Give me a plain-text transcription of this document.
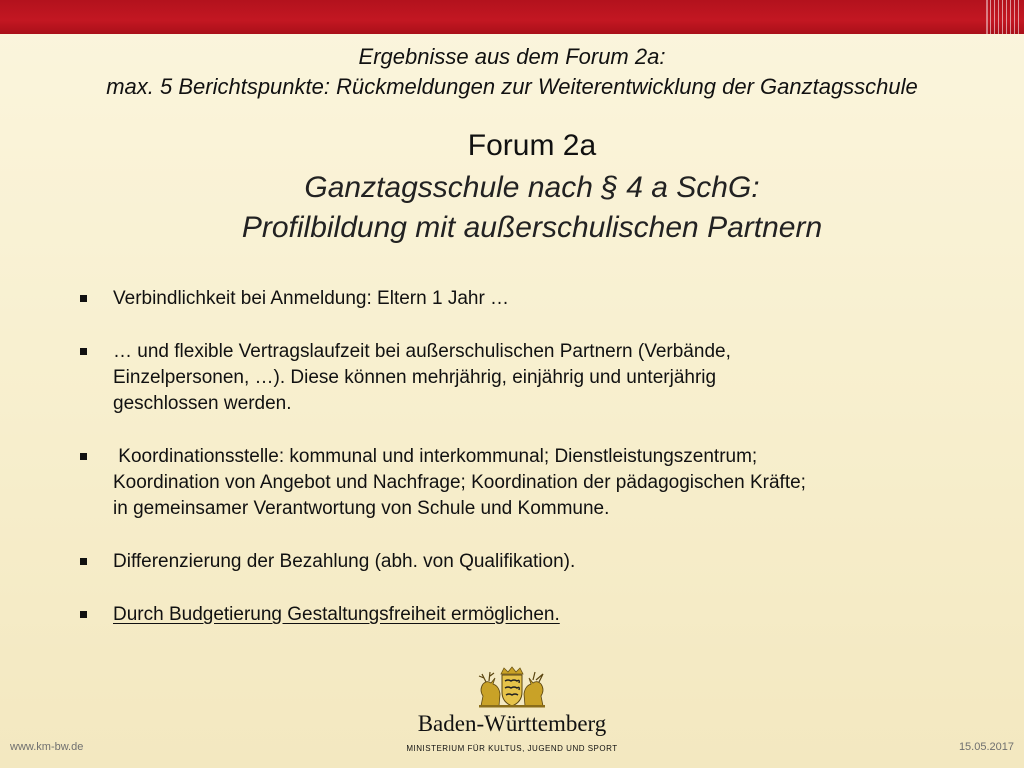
Ergebnisse aus dem Forum 2a:
max. 5 Berichtspunkte: Rückmeldungen zur Weiterentwicklung der Ganztagsschule
Forum 2a
Ganztagsschule nach § 4 a SchG:
Profilbildung mit außerschulischen Partnern
Verbindlichkeit bei Anmeldung: Eltern 1 Jahr …
… und flexible Vertragslaufzeit bei außerschulischen Partnern (Verbände,
Einzelpersonen, …). Diese können mehrjährig, einjährig und unterjährig
geschlossen werden.
Koordinationsstelle: kommunal und interkommunal; Dienstleistungszentrum;
Koordination von Angebot und Nachfrage; Koordination der pädagogischen Kräfte;
in gemeinsamer Verantwortung von Schule und Kommune.
Differenzierung der Bezahlung (abh. von Qualifikation).
Durch Budgetierung Gestaltungsfreiheit ermöglichen.
Baden-Württemberg
MINISTERIUM FÜR KULTUS, JUGEND UND SPORT
www.km-bw.de	15.05.2017
